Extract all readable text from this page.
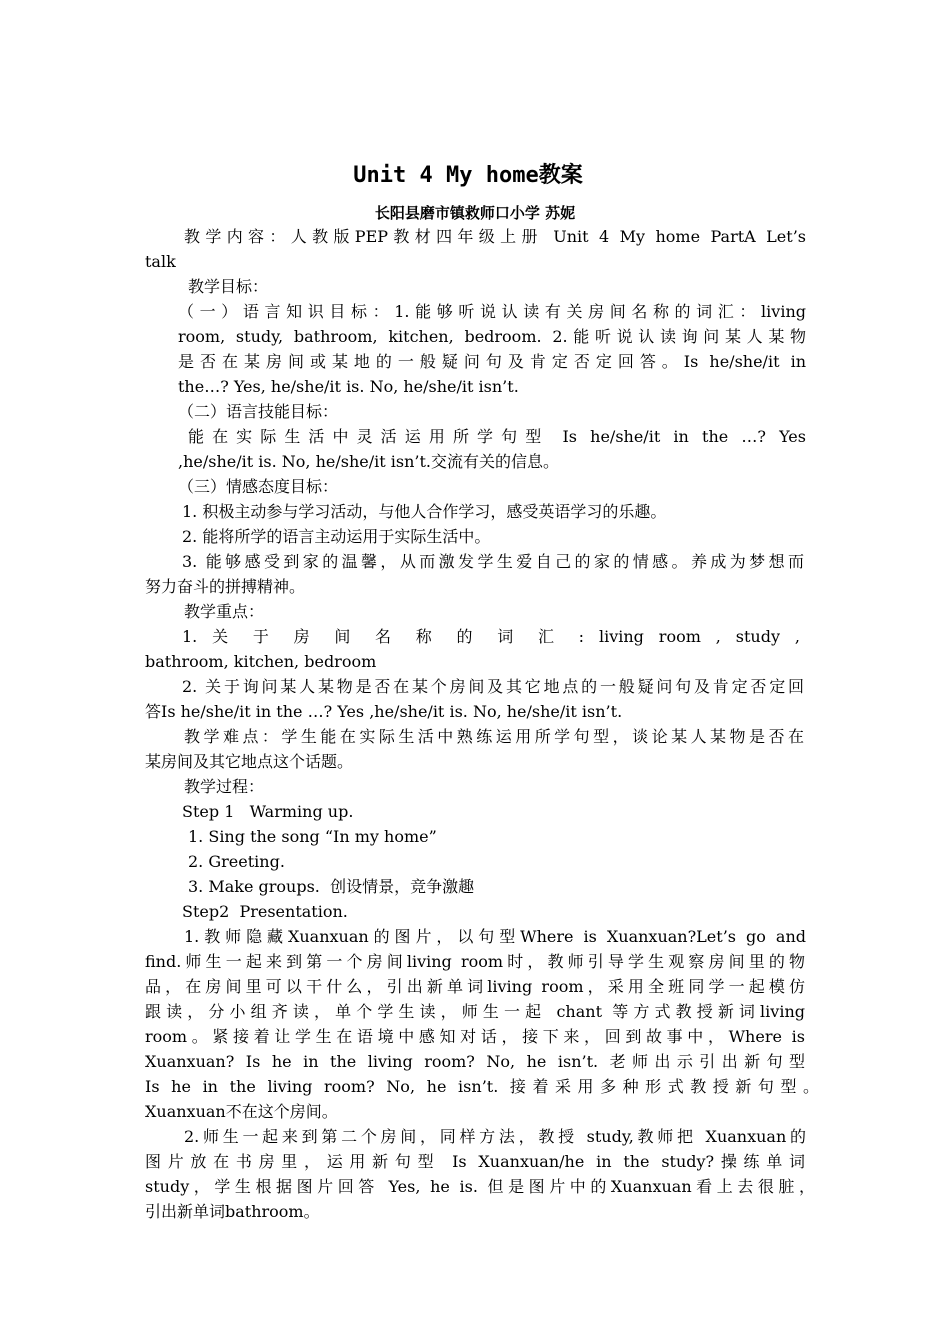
Unit 4 My home教案
长阳县磨市镇救师口小学 苏妮
教学内容：人教版PEP教材四年级上册 Unit 4 My home PartA Let’s
talk
教学目标：
（一）语言知识目标：1.能够听说认读有关房间名称的词汇：living
room, study, bathroom, kitchen, bedroom. 2.能听说认读询问某人某物
是否在某房间或某地的一般疑问句及肯定否定回答。Is he/she/it in
the…? Yes, he/she/it is. No, he/she/it isn’t.
（二）语言技能目标：
能在实际生活中灵活运用所学句型 Is he/she/it in the …? Yes
,he/she/it is. No, he/she/it isn’t.交流有关的信息。
（三）情感态度目标：
1. 积极主动参与学习活动，与他人合作学习，感受英语学习的乐趣。
2. 能将所学的语言主动运用于实际生活中。
3. 能够感受到家的温馨，从而激发学生爱自己的家的情感。养成为梦想而
努力奋斗的拼搏精神。
教学重点：
1. 关 于 房 间 名 称 的 词 汇 : living room , study ,
bathroom, kitchen, bedroom
2. 关于询问某人某物是否在某个房间及其它地点的一般疑问句及肯定否定回
答Is he/she/it in the …? Yes ,he/she/it is. No, he/she/it isn’t.
教学难点：学生能在实际生活中熟练运用所学句型，谈论某人某物是否在
某房间及其它地点这个话题。
教学过程：
Step 1   Warming up.
1. Sing the song “In my home”
2. Greeting.
3. Make groups.  创设情景，竞争激趣
Step2  Presentation.
1.教师隐藏Xuanxuan的图片，以句型Where is Xuanxuan?Let’s go and
find.师生一起来到第一个房间living room时，教师引导学生观察房间里的物
品，在房间里可以干什么，引出新单词living room，采用全班同学一起模仿
跟读，分小组齐读，单个学生读，师生一起 chant 等方式教授新词living
room。紧接着让学生在语境中感知对话，接下来，回到故事中，Where is
Xuanxuan? Is he in the living room? No, he isn’t. 老师出示引出新句型
Is he in the living room? No, he isn’t. 接着采用多种形式教授新句型。
Xuanxuan不在这个房间。
2.师生一起来到第二个房间，同样方法，教授 study,教师把 Xuanxuan的
图片放在书房里，运用新句型 Is Xuanxuan/he in the study?操练单词
study，学生根据图片回答 Yes, he is. 但是图片中的Xuanxuan看上去很脏，
引出新单词bathroom。
